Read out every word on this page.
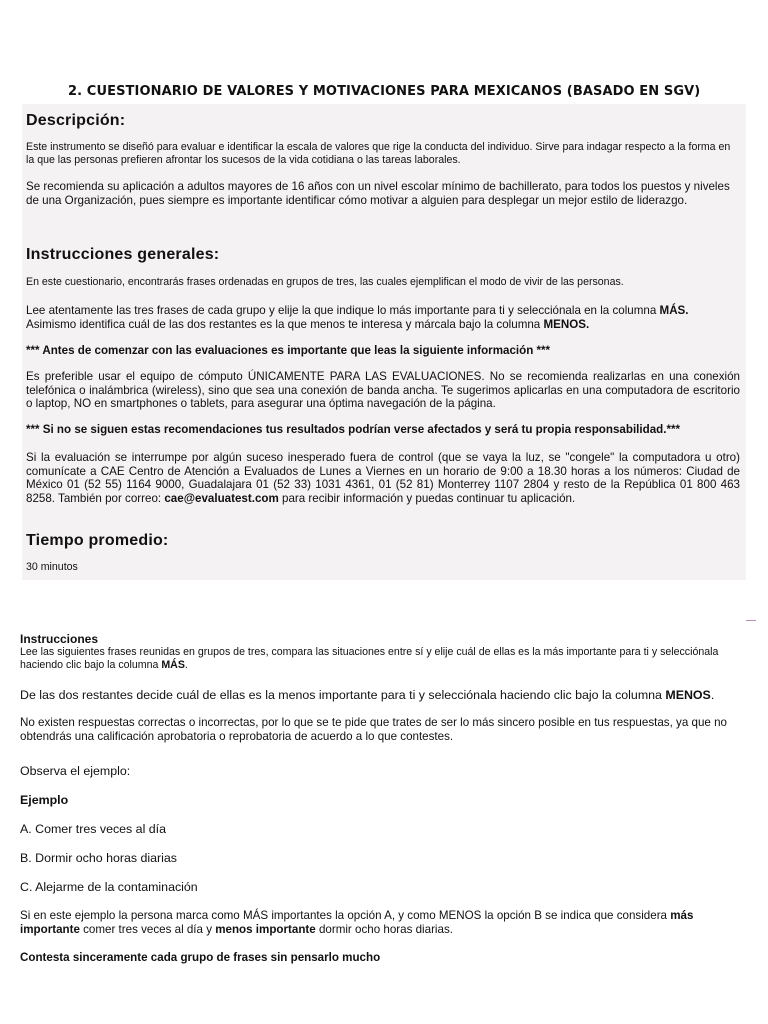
2. CUESTIONARIO DE VALORES Y MOTIVACIONES PARA MEXICANOS (BASADO EN SGV)
Descripción:

Este instrumento se diseñó para evaluar e identificar la escala de valores que rige la conducta del individuo. Sirve para indagar respecto a la forma en la que las personas prefieren afrontar los sucesos de la vida cotidiana o las tareas laborales.

Se recomienda su aplicación a adultos mayores de 16 años con un nivel escolar mínimo de bachillerato, para todos los puestos y niveles de una Organización, pues siempre es importante identificar cómo motivar a alguien para desplegar un mejor estilo de liderazgo.

Instrucciones generales:

En este cuestionario, encontrarás frases ordenadas en grupos de tres, las cuales ejemplifican el modo de vivir de las personas.

Lee atentamente las tres frases de cada grupo y elije la que indique lo más importante para ti y selecciónala en la columna MÁS. Asimismo identifica cuál de las dos restantes es la que menos te interesa y márcala bajo la columna MENOS.

*** Antes de comenzar con las evaluaciones es importante que leas la siguiente información ***

Es preferible usar el equipo de cómputo ÚNICAMENTE PARA LAS EVALUACIONES. No se recomienda realizarlas en una conexión telefónica o inalámbrica (wireless), sino que sea una conexión de banda ancha. Te sugerimos aplicarlas en una computadora de escritorio o laptop, NO en smartphones o tablets, para asegurar una óptima navegación de la página.

*** Si no se siguen estas recomendaciones tus resultados podrían verse afectados y será tu propia responsabilidad.***

Si la evaluación se interrumpe por algún suceso inesperado fuera de control (que se vaya la luz, se "congele" la computadora u otro) comunícate a CAE Centro de Atención a Evaluados de Lunes a Viernes en un horario de 9:00 a 18.30 horas a los números: Ciudad de México 01 (52 55) 1164 9000, Guadalajara 01 (52 33) 1031 4361, 01 (52 81) Monterrey 1107 2804 y resto de la República 01 800 463 8258. También por correo: cae@evaluatest.com para recibir información y puedas continuar tu aplicación.

Tiempo promedio:
30 minutos
Instrucciones

Lee las siguientes frases reunidas en grupos de tres, compara las situaciones entre sí y elije cuál de ellas es la más importante para ti y selecciónala haciendo clic bajo la columna MÁS.

De las dos restantes decide cuál de ellas es la menos importante para ti y selecciónala haciendo clic bajo la columna MENOS.

No existen respuestas correctas o incorrectas, por lo que se te pide que trates de ser lo más sincero posible en tus respuestas, ya que no obtendrás una calificación aprobatoria o reprobatoria de acuerdo a lo que contestes.

Observa el ejemplo:
Ejemplo
A. Comer tres veces al día
B. Dormir ocho horas diarias
C. Alejarme de la contaminación

Si en este ejemplo la persona marca como MÁS importantes la opción A, y como MENOS la opción B se indica que considera más importante comer tres veces al día y menos importante dormir ocho horas diarias.

Contesta sinceramente cada grupo de frases sin pensarlo mucho
